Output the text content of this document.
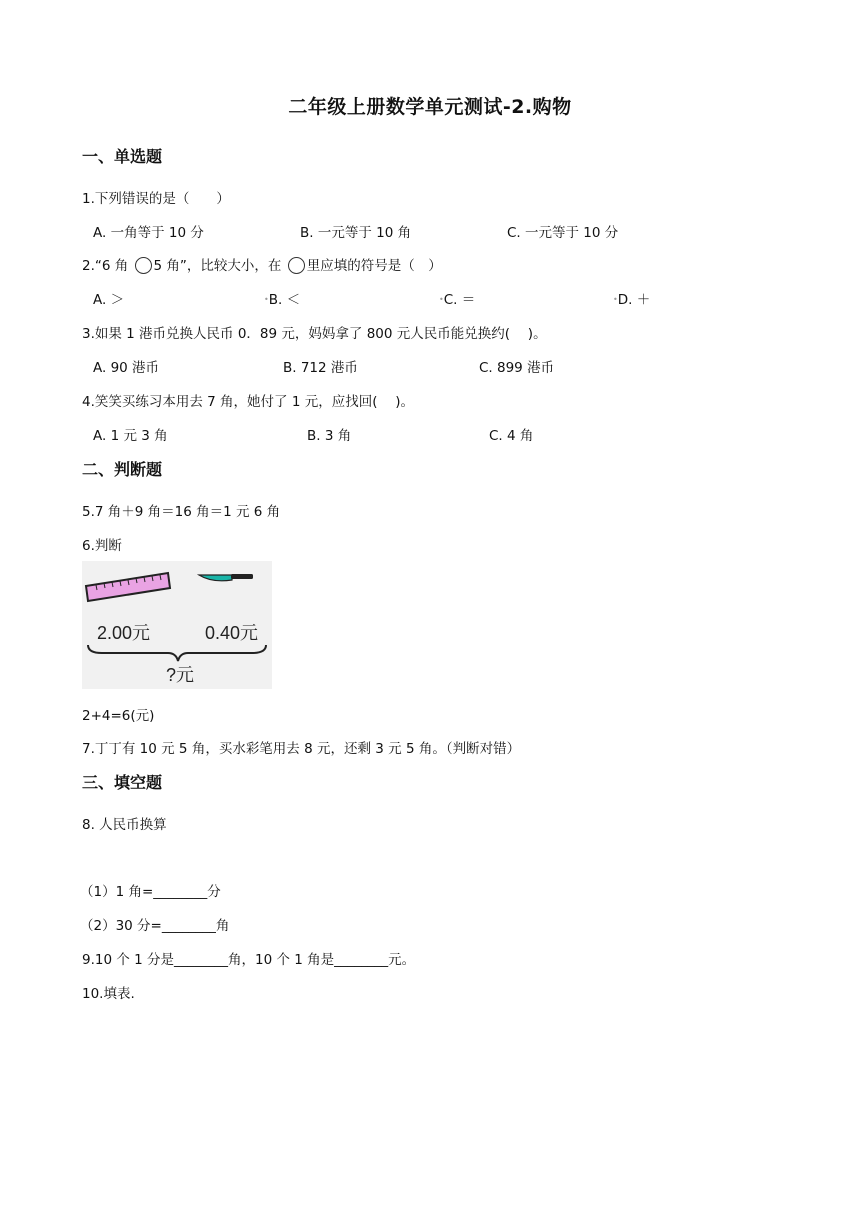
二年级上册数学单元测试-2.购物
一、单选题
1.下列错误的是（　　）
A. 一角等于 10 分	B. 一元等于 10 角	C. 一元等于 10 分
2.“6 角 5 角”，比较大小，在 里应填的符号是（　）
A. ＞	•B. ＜	•C. ＝	•D. ＋
3.如果 1 港币兑换人民币 0．89 元，妈妈拿了 800 元人民币能兑换约(　 )。
A. 90 港币	B. 712 港币	C. 899 港币
4.笑笑买练习本用去 7 角，她付了 1 元，应找回(　 )。
A. 1 元 3 角	B. 3 角	C. 4 角
二、判断题
5.7 角＋9 角＝16 角＝1 元 6 角
6.判断
2.00元	0.40元
?元
2+4=6(元)
7.丁丁有 10 元 5 角，买水彩笔用去 8 元，还剩 3 元 5 角。（判断对错）
三、填空题
8. 人民币换算
（1）1 角=________分
（2）30 分=________角
9.10 个 1 分是________角，10 个 1 角是________元。
10.填表.
